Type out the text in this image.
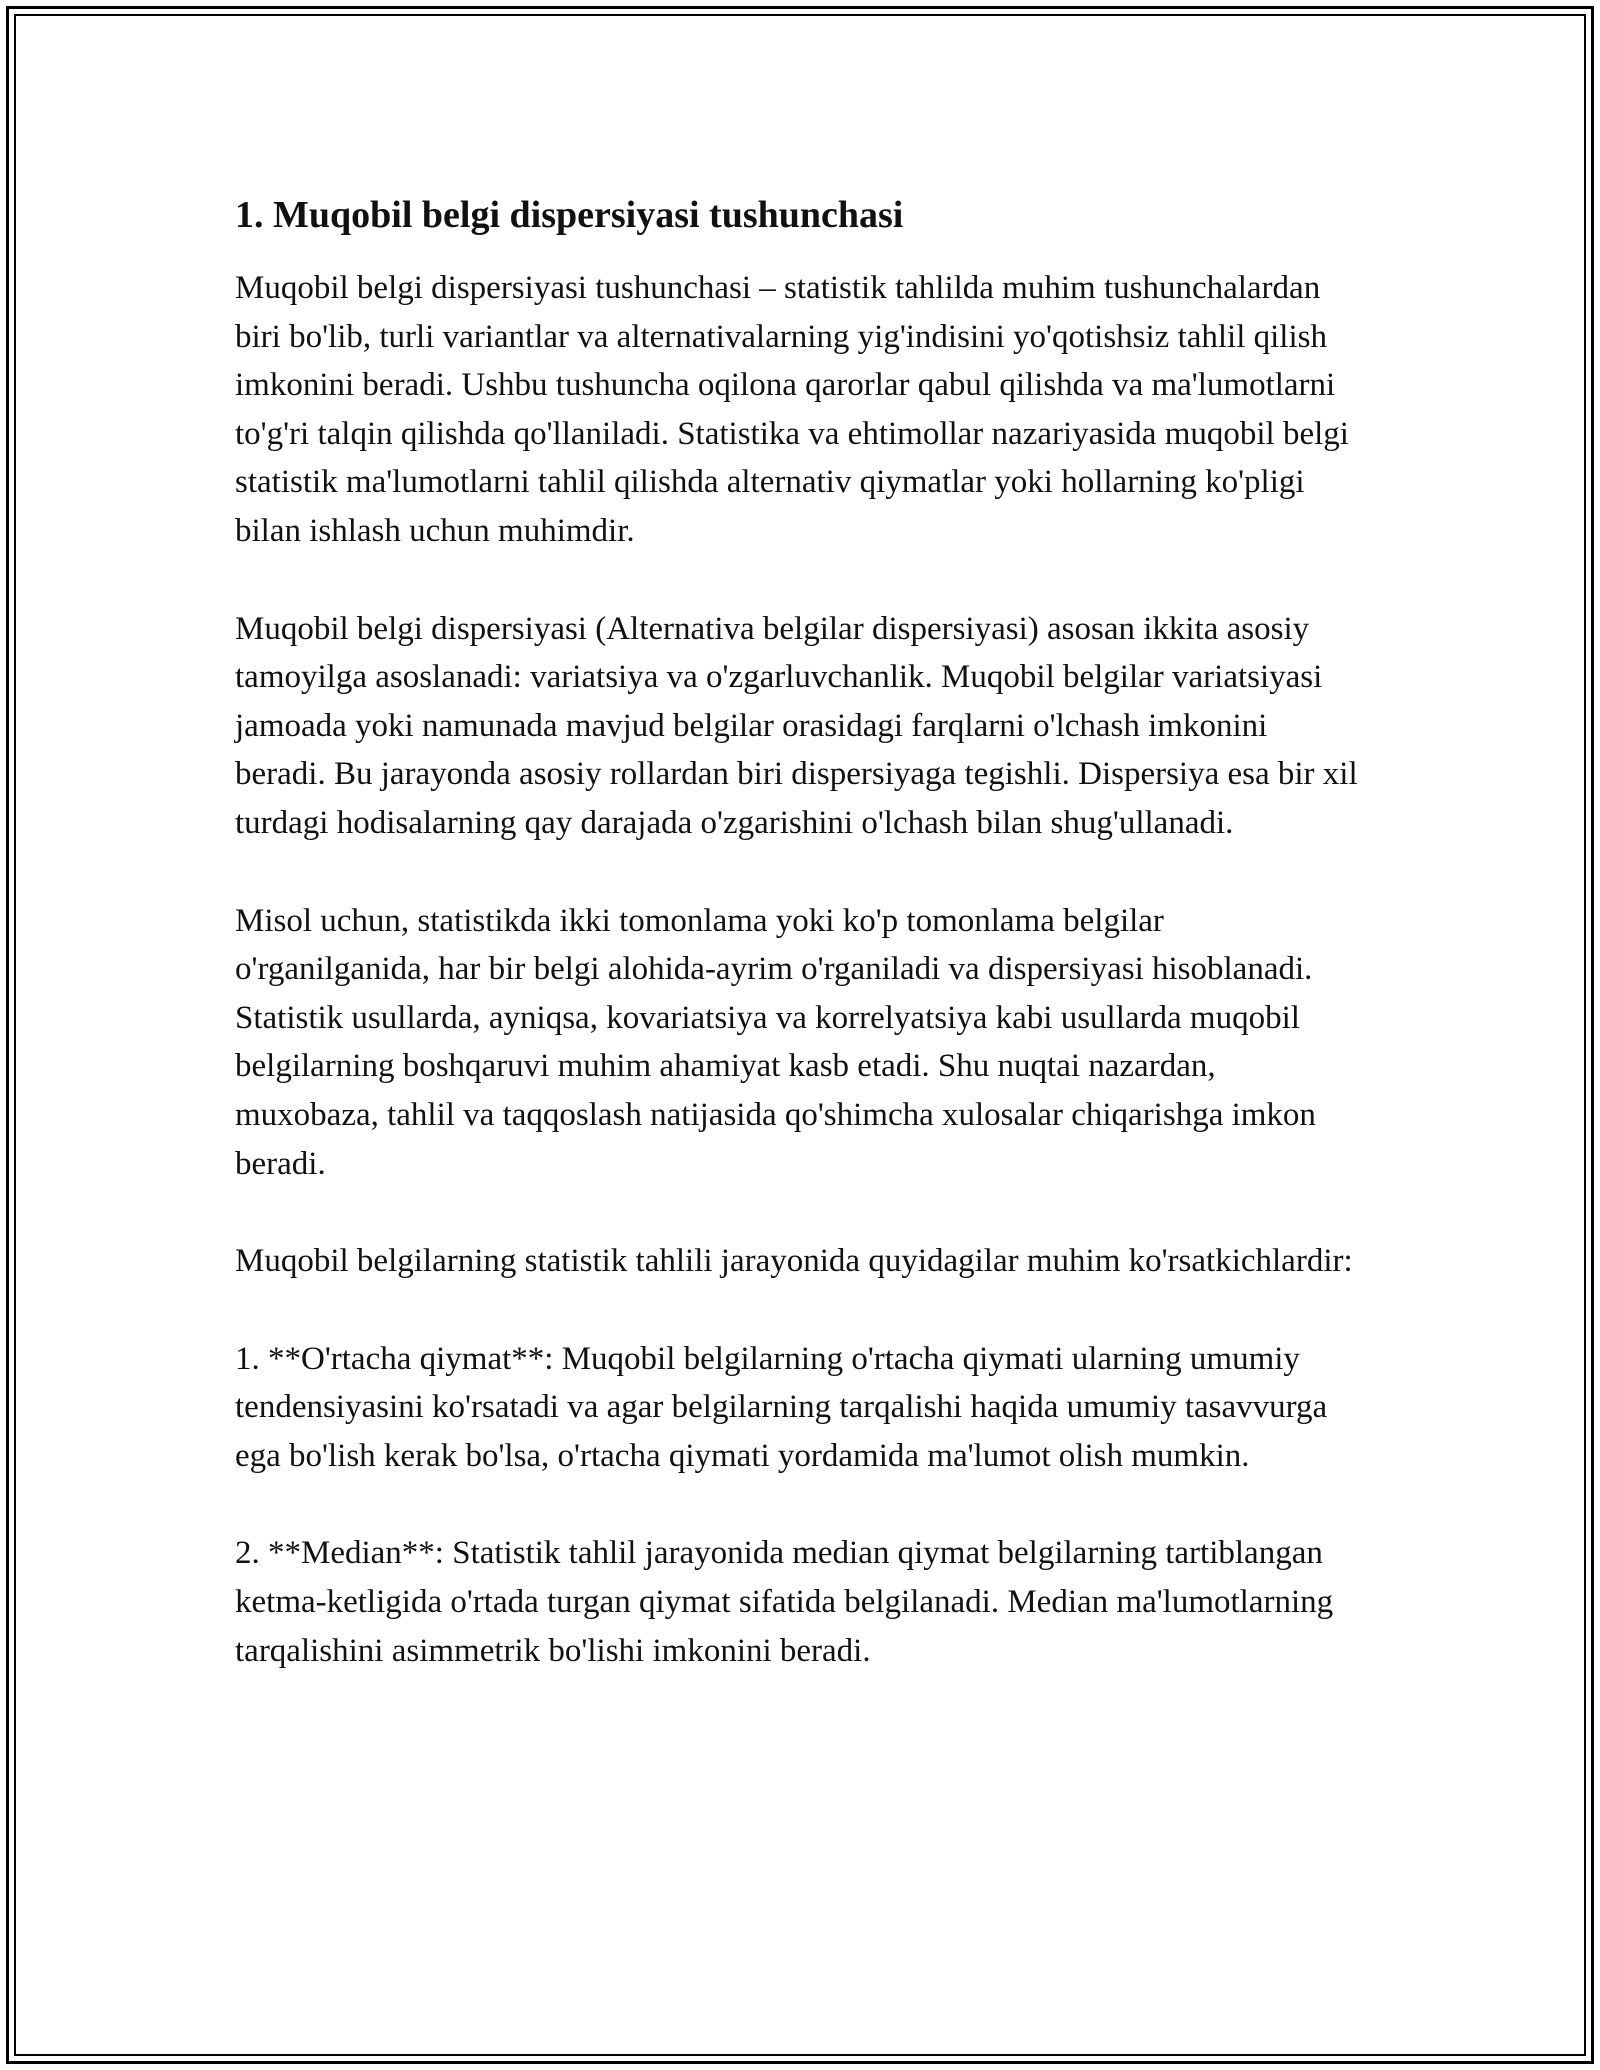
1. Muqobil belgi dispersiyasi tushunchasi

Muqobil belgi dispersiyasi tushunchasi – statistik tahlilda muhim tushunchalardan biri bo'lib, turli variantlar va alternativalarning yig'indisini yo'qotishsiz tahlil qilish imkonini beradi. Ushbu tushuncha oqilona qarorlar qabul qilishda va ma'lumotlarni to'g'ri talqin qilishda qo'llaniladi. Statistika va ehtimollar nazariyasida muqobil belgi statistik ma'lumotlarni tahlil qilishda alternativ qiymatlar yoki hollarning ko'pligi bilan ishlash uchun muhimdir.

Muqobil belgi dispersiyasi (Alternativa belgilar dispersiyasi) asosan ikkita asosiy tamoyilga asoslanadi: variatsiya va o'zgarluvchanlik. Muqobil belgilar variatsiyasi jamoada yoki namunada mavjud belgilar orasidagi farqlarni o'lchash imkonini beradi. Bu jarayonda asosiy rollardan biri dispersiyaga tegishli. Dispersiya esa bir xil turdagi hodisalarning qay darajada o'zgarishini o'lchash bilan shug'ullanadi.

Misol uchun, statistikda ikki tomonlama yoki ko'p tomonlama belgilar o'rganilganida, har bir belgi alohida-ayrim o'rganiladi va dispersiyasi hisoblanadi. Statistik usullarda, ayniqsa, kovariatsiya va korrelyatsiya kabi usullarda muqobil belgilarning boshqaruvi muhim ahamiyat kasb etadi. Shu nuqtai nazardan, muxobaza, tahlil va taqqoslash natijasida qo'shimcha xulosalar chiqarishga imkon beradi.

Muqobil belgilarning statistik tahlili jarayonida quyidagilar muhim ko'rsatkichlardir:

1. **O'rtacha qiymat**: Muqobil belgilarning o'rtacha qiymati ularning umumiy tendensiyasini ko'rsatadi va agar belgilarning tarqalishi haqida umumiy tasavvurga ega bo'lish kerak bo'lsa, o'rtacha qiymati yordamida ma'lumot olish mumkin.

2. **Median**: Statistik tahlil jarayonida median qiymat belgilarning tartiblangan ketma-ketligida o'rtada turgan qiymat sifatida belgilanadi. Median ma'lumotlarning tarqalishini asimmetrik bo'lishi imkonini beradi.
